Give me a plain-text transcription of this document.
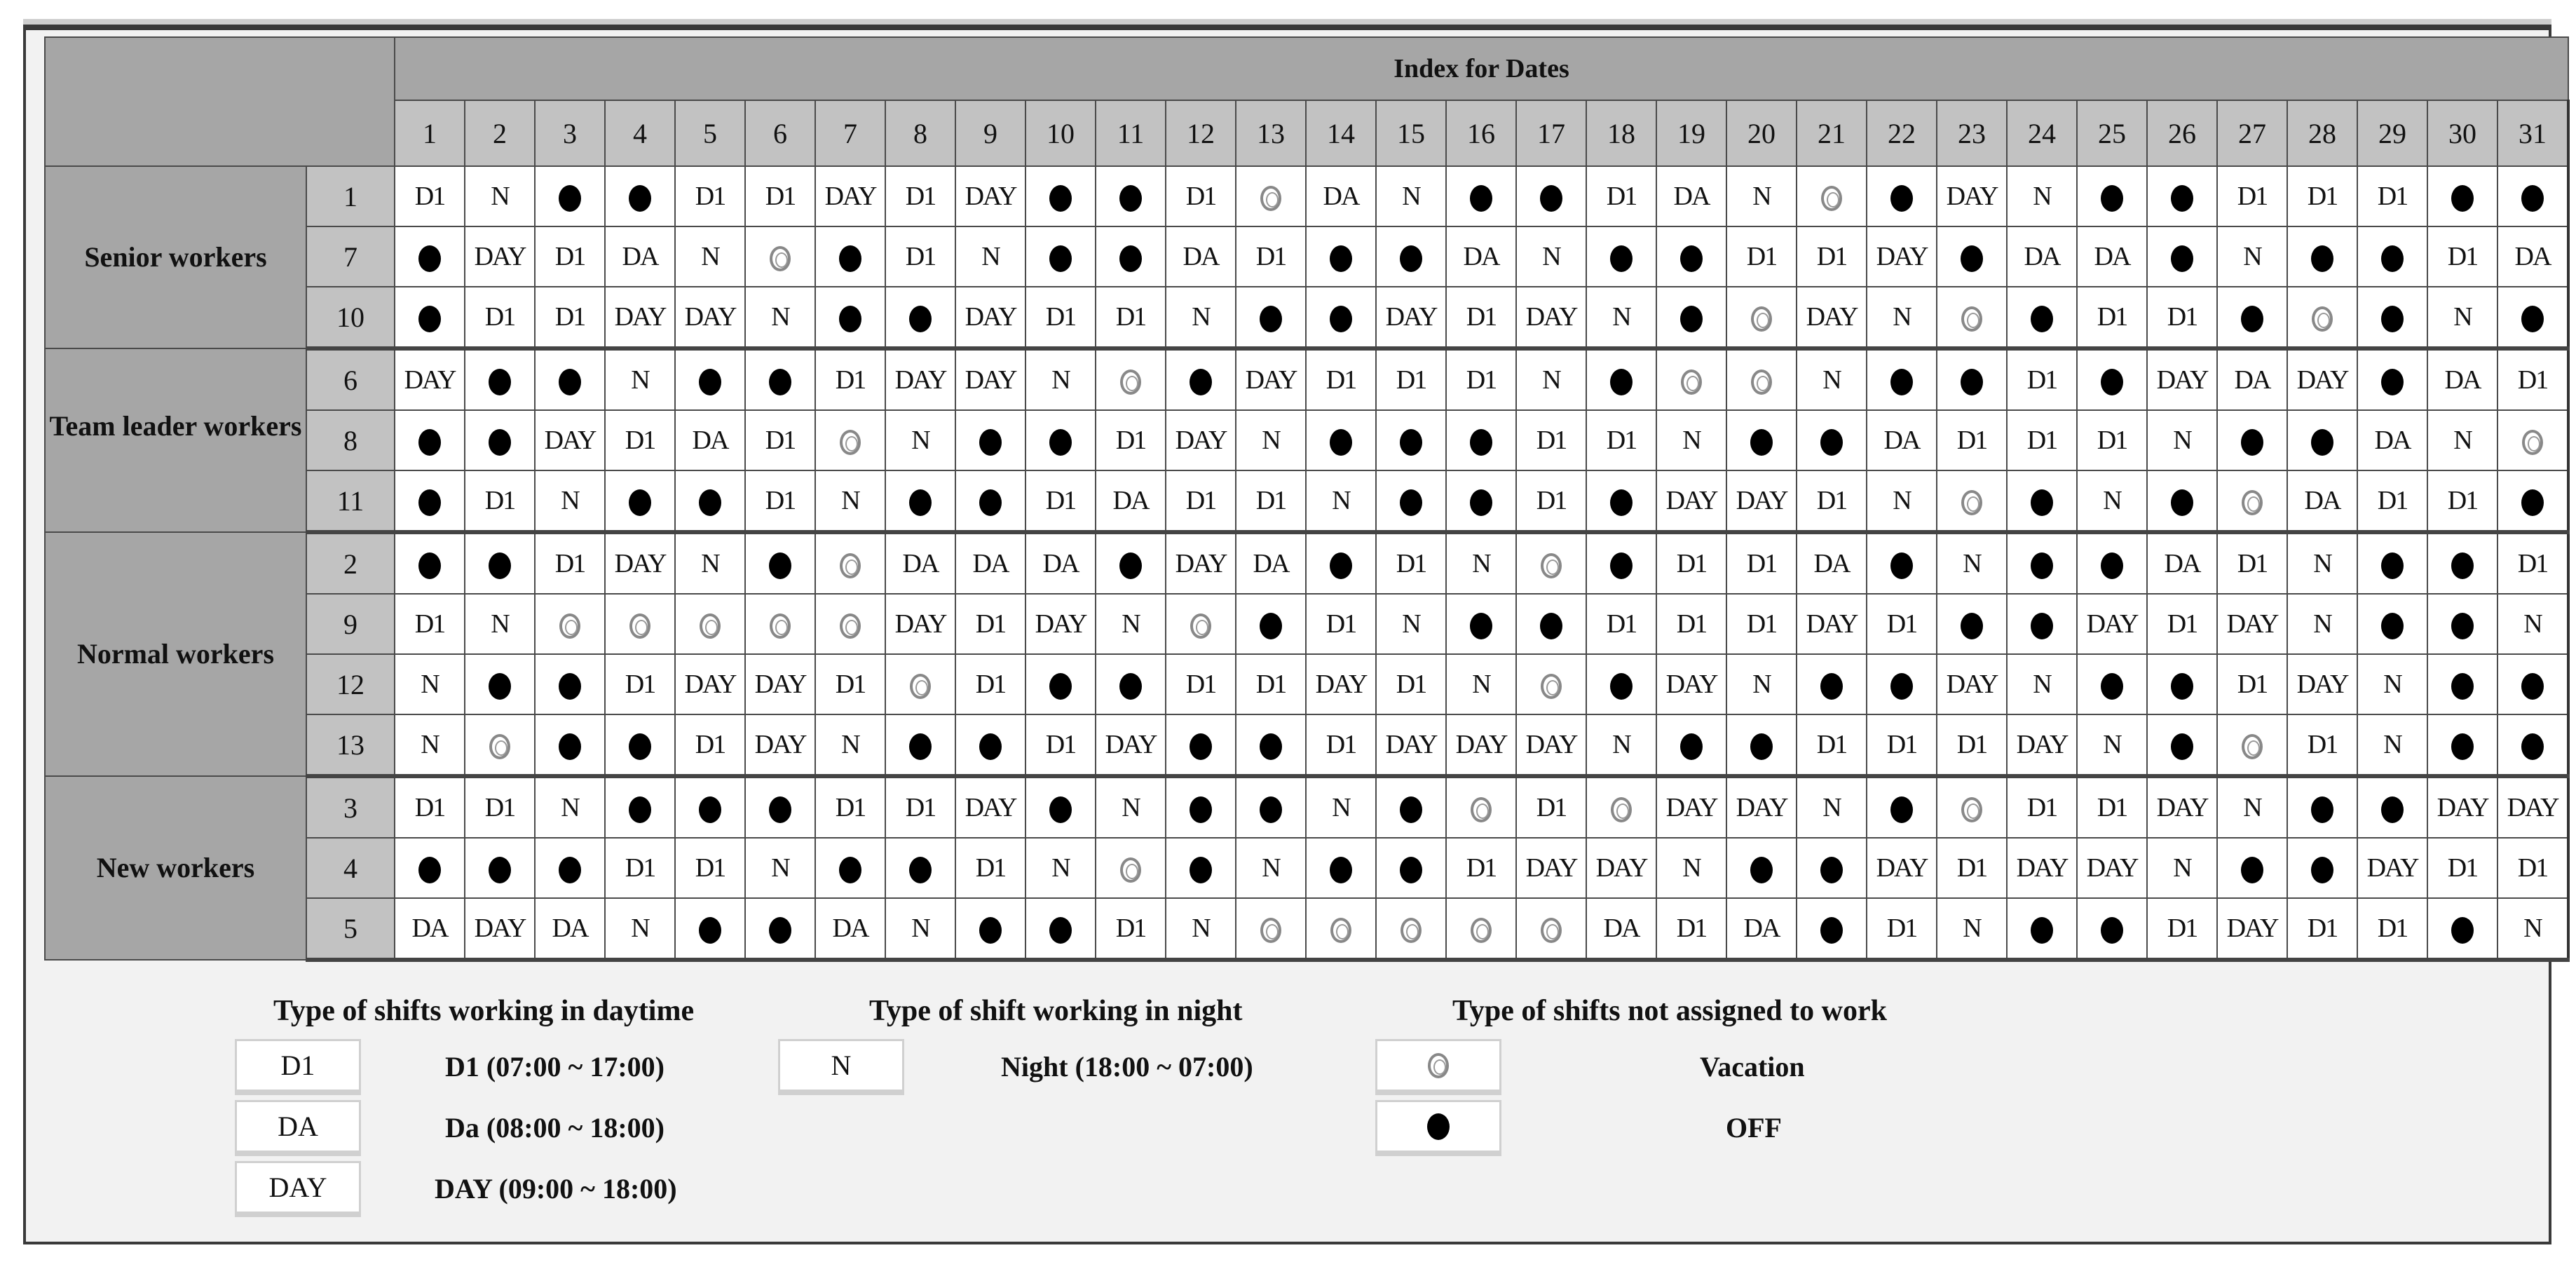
		Index for Dates																														
		1	2	3	4	5	6	7	8	9	10	11	12	13	14	15	16	17	18	19	20	21	22	23	24	25	26	27	28	29	30	31
Senior workers	1	D1	N			D1	D1	DAY	D1	DAY			D1		DA	N			D1	DA	N			DAY	N			D1	D1	D1		
	7		DAY	D1	DA	N			D1	N			DA	D1			DA	N			D1	D1	DAY		DA	DA		N			D1	DA
	10		D1	D1	DAY	DAY	N			DAY	D1	D1	N			DAY	D1	DAY	N			DAY	N			D1	D1				N	
Team leader workers	6	DAY			N			D1	DAY	DAY	N			DAY	D1	D1	D1	N				N			D1		DAY	DA	DAY		DA	D1
	8			DAY	D1	DA	D1		N			D1	DAY	N				D1	D1	N			DA	D1	D1	D1	N			DA	N	
	11		D1	N			D1	N			D1	DA	D1	D1	N			D1		DAY	DAY	D1	N			N			DA	D1	D1	
Normal workers	2			D1	DAY	N			DA	DA	DA		DAY	DA		D1	N			D1	D1	DA		N			DA	D1	N			D1
	9	D1	N						DAY	D1	DAY	N			D1	N			D1	D1	D1	DAY	D1			DAY	D1	DAY	N			N
	12	N			D1	DAY	DAY	D1		D1			D1	D1	DAY	D1	N			DAY	N			DAY	N			D1	DAY	N		
	13	N				D1	DAY	N			D1	DAY			D1	DAY	DAY	DAY	N			D1	D1	D1	DAY	N			D1	N		
New workers	3	D1	D1	N				D1	D1	DAY		N			N			D1		DAY	DAY	N			D1	D1	DAY	N			DAY	DAY
	4				D1	D1	N			D1	N			N			D1	DAY	DAY	N			DAY	D1	DAY	DAY	N			DAY	D1	D1
	5	DA	DAY	DA	N			DA	N			D1	N						DA	D1	DA		D1	N			D1	DAY	D1	D1		N
Type of shifts working in daytime	Type of shift working in night	Type of shifts not assigned to work
D1	D1 (07:00 ~ 17:00)
DA	Da (08:00 ~ 18:00)
DAY	DAY (09:00 ~ 18:00)
N	Night (18:00 ~ 07:00)	Vacation
OFF
